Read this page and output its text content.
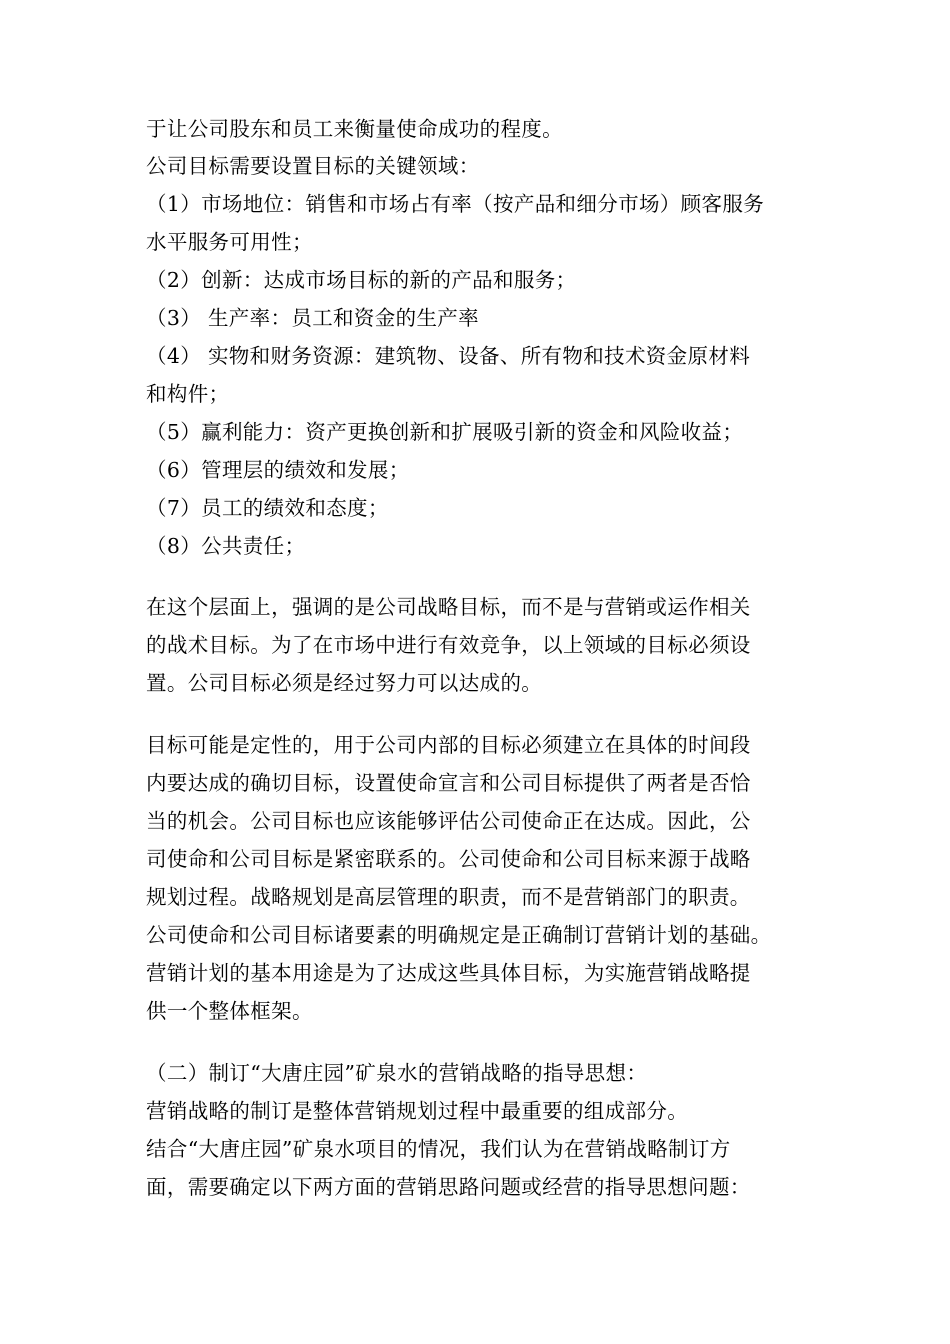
于让公司股东和员工来衡量使命成功的程度。
公司目标需要设置目标的关键领域：
（1）市场地位：销售和市场占有率（按产品和细分市场）顾客服务
水平服务可用性；
（2）创新：达成市场目标的新的产品和服务；
（3） 生产率：员工和资金的生产率
（4） 实物和财务资源：建筑物、设备、所有物和技术资金原材料
和构件；
（5）赢利能力：资产更换创新和扩展吸引新的资金和风险收益；
（6）管理层的绩效和发展；
（7）员工的绩效和态度；
（8）公共责任；
在这个层面上，强调的是公司战略目标，而不是与营销或运作相关
的战术目标。为了在市场中进行有效竞争，以上领域的目标必须设
置。公司目标必须是经过努力可以达成的。
目标可能是定性的，用于公司内部的目标必须建立在具体的时间段
内要达成的确切目标，设置使命宣言和公司目标提供了两者是否恰
当的机会。公司目标也应该能够评估公司使命正在达成。因此，公
司使命和公司目标是紧密联系的。公司使命和公司目标来源于战略
规划过程。战略规划是高层管理的职责，而不是营销部门的职责。
公司使命和公司目标诸要素的明确规定是正确制订营销计划的基础。
营销计划的基本用途是为了达成这些具体目标，为实施营销战略提
供一个整体框架。
（二）制订“大唐庄园”矿泉水的营销战略的指导思想：
营销战略的制订是整体营销规划过程中最重要的组成部分。
结合“大唐庄园”矿泉水项目的情况，我们认为在营销战略制订方
面，需要确定以下两方面的营销思路问题或经营的指导思想问题：
